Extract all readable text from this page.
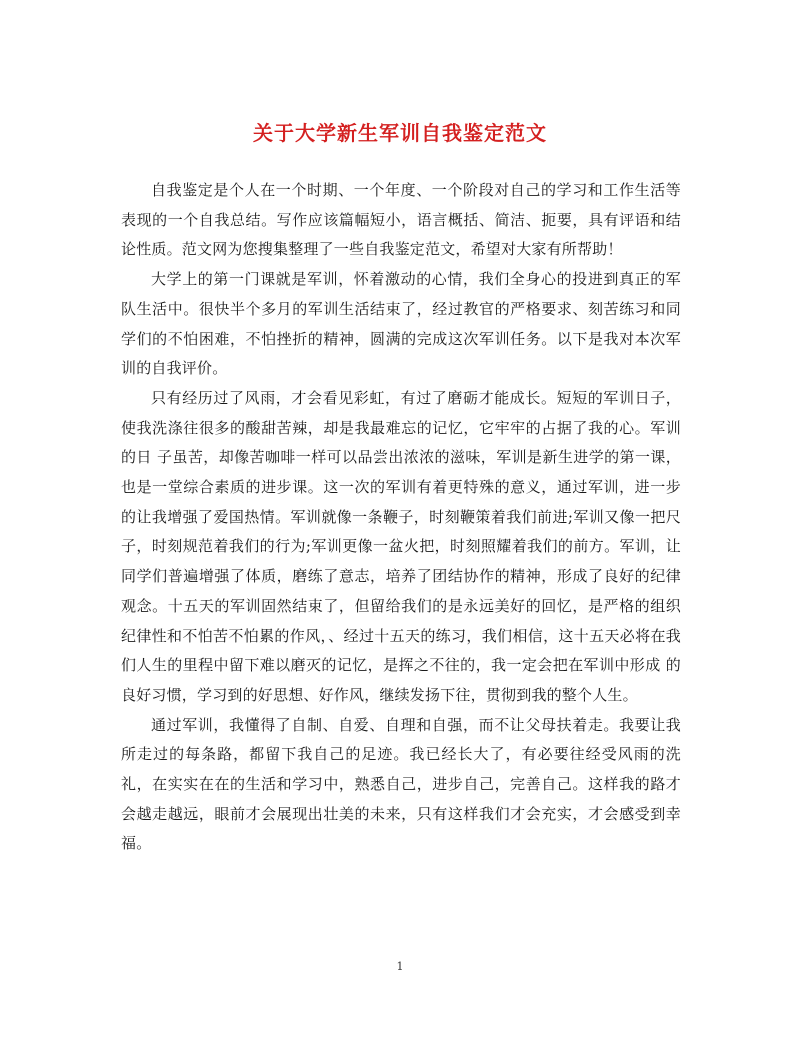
关于大学新生军训自我鉴定范文

自我鉴定是个人在一个时期、一个年度、一个阶段对自己的学习和工作生活等表现的一个自我总结。写作应该篇幅短小，语言概括、简洁、扼要，具有评语和结论性质。范文网为您搜集整理了一些自我鉴定范文，希望对大家有所帮助！

大学上的第一门课就是军训，怀着激动的心情，我们全身心的投进到真正的军队生活中。很快半个多月的军训生活结束了，经过教官的严格要求、刻苦练习和同学们的不怕困难，不怕挫折的精神，圆满的完成这次军训任务。以下是我对本次军训的自我评价。

只有经历过了风雨，才会看见彩虹，有过了磨砺才能成长。短短的军训日子，使我洗涤往很多的酸甜苦辣，却是我最难忘的记忆，它牢牢的占据了我的心。军训的日 子虽苦，却像苦咖啡一样可以品尝出浓浓的滋味，军训是新生进学的第一课，也是一堂综合素质的进步课。这一次的军训有着更特殊的意义，通过军训，进一步的让我增强了爱国热情。军训就像一条鞭子，时刻鞭策着我们前进;军训又像一把尺子，时刻规范着我们的行为;军训更像一盆火把，时刻照耀着我们的前方。军训，让 同学们普遍增强了体质，磨练了意志，培养了团结协作的精神，形成了良好的纪律观念。十五天的军训固然结束了，但留给我们的是永远美好的回忆，是严格的组织纪律性和不怕苦不怕累的作风，、经过十五天的练习，我们相信，这十五天必将在我们人生的里程中留下难以磨灭的记忆，是挥之不往的，我一定会把在军训中形成 的良好习惯，学习到的好思想、好作风，继续发扬下往，贯彻到我的整个人生。

通过军训，我懂得了自制、自爱、自理和自强，而不让父母扶着走。我要让我所走过的每条路，都留下我自己的足迹。我已经长大了，有必要往经受风雨的洗礼，在实实在在的生活和学习中，熟悉自己，进步自己，完善自己。这样我的路才会越走越远，眼前才会展现出壮美的未来，只有这样我们才会充实，才会感受到幸福。

1
